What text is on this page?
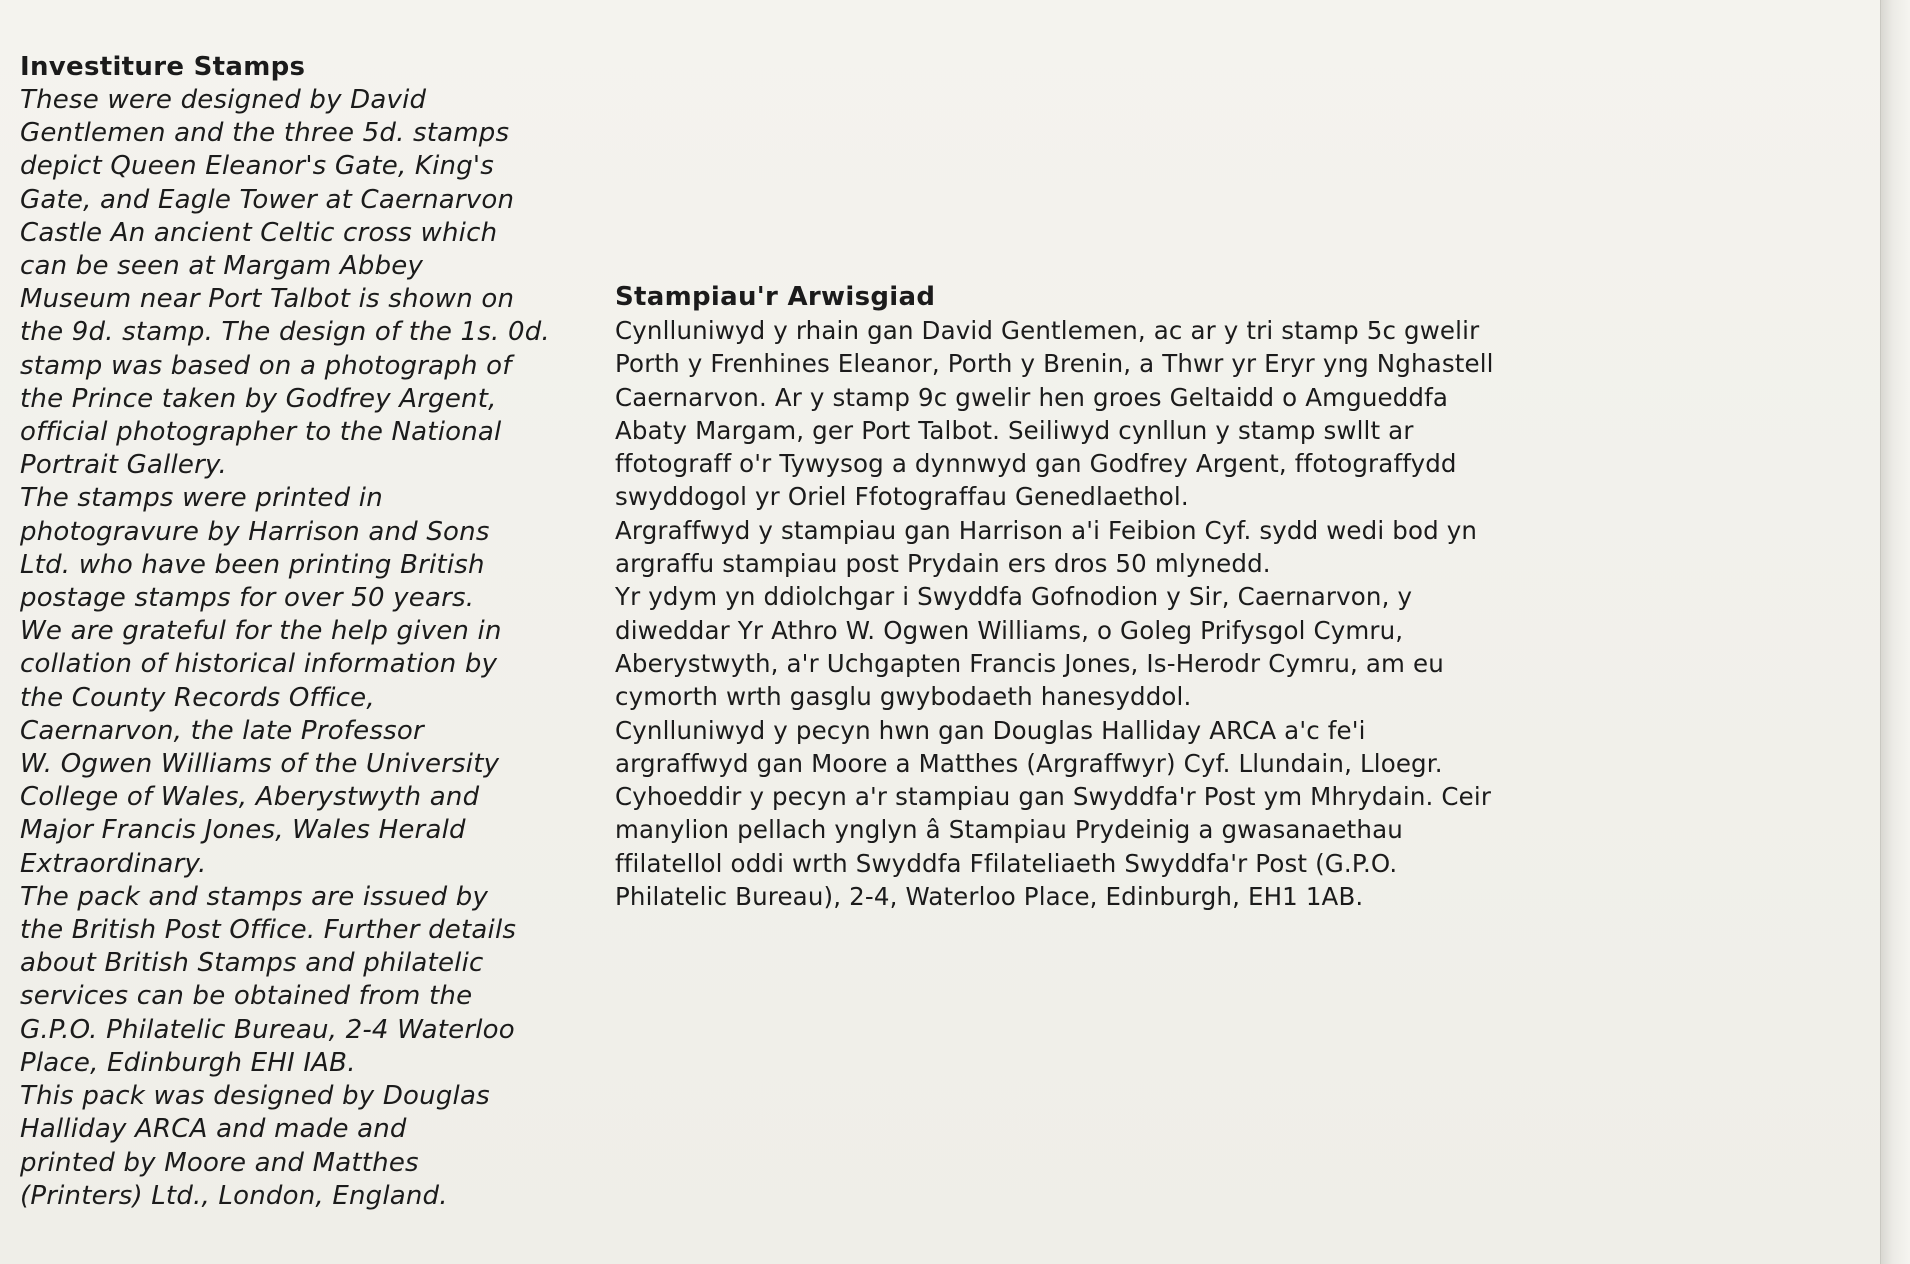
Investiture Stamps
These were designed by David
Gentlemen and the three 5d. stamps
depict Queen Eleanor's Gate, King's
Gate, and Eagle Tower at Caernarvon
Castle An ancient Celtic cross which
can be seen at Margam Abbey
Museum near Port Talbot is shown on
the 9d. stamp. The design of the 1s. 0d.
stamp was based on a photograph of
the Prince taken by Godfrey Argent,
official photographer to the National
Portrait Gallery.
The stamps were printed in
photogravure by Harrison and Sons
Ltd. who have been printing British
postage stamps for over 50 years.
We are grateful for the help given in
collation of historical information by
the County Records Office,
Caernarvon, the late Professor
W. Ogwen Williams of the University
College of Wales, Aberystwyth and
Major Francis Jones, Wales Herald
Extraordinary.
The pack and stamps are issued by
the British Post Office. Further details
about British Stamps and philatelic
services can be obtained from the
G.P.O. Philatelic Bureau, 2-4 Waterloo
Place, Edinburgh EHI IAB.
This pack was designed by Douglas
Halliday ARCA and made and
printed by Moore and Matthes
(Printers) Ltd., London, England.
Stampiau'r Arwisgiad
Cynlluniwyd y rhain gan David Gentlemen, ac ar y tri stamp 5c gwelir
Porth y Frenhines Eleanor, Porth y Brenin, a Thwr yr Eryr yng Nghastell
Caernarvon. Ar y stamp 9c gwelir hen groes Geltaidd o Amgueddfa
Abaty Margam, ger Port Talbot. Seiliwyd cynllun y stamp swllt ar
ffotograff o'r Tywysog a dynnwyd gan Godfrey Argent, ffotograffydd
swyddogol yr Oriel Ffotograffau Genedlaethol.
Argraffwyd y stampiau gan Harrison a'i Feibion Cyf. sydd wedi bod yn
argraffu stampiau post Prydain ers dros 50 mlynedd.
Yr ydym yn ddiolchgar i Swyddfa Gofnodion y Sir, Caernarvon, y
diweddar Yr Athro W. Ogwen Williams, o Goleg Prifysgol Cymru,
Aberystwyth, a'r Uchgapten Francis Jones, Is-Herodr Cymru, am eu
cymorth wrth gasglu gwybodaeth hanesyddol.
Cynlluniwyd y pecyn hwn gan Douglas Halliday ARCA a'c fe'i
argraffwyd gan Moore a Matthes (Argraffwyr) Cyf. Llundain, Lloegr.
Cyhoeddir y pecyn a'r stampiau gan Swyddfa'r Post ym Mhrydain. Ceir
manylion pellach ynglyn â Stampiau Prydeinig a gwasanaethau
ffilatellol oddi wrth Swyddfa Ffilateliaeth Swyddfa'r Post (G.P.O.
Philatelic Bureau), 2-4, Waterloo Place, Edinburgh, EH1 1AB.
